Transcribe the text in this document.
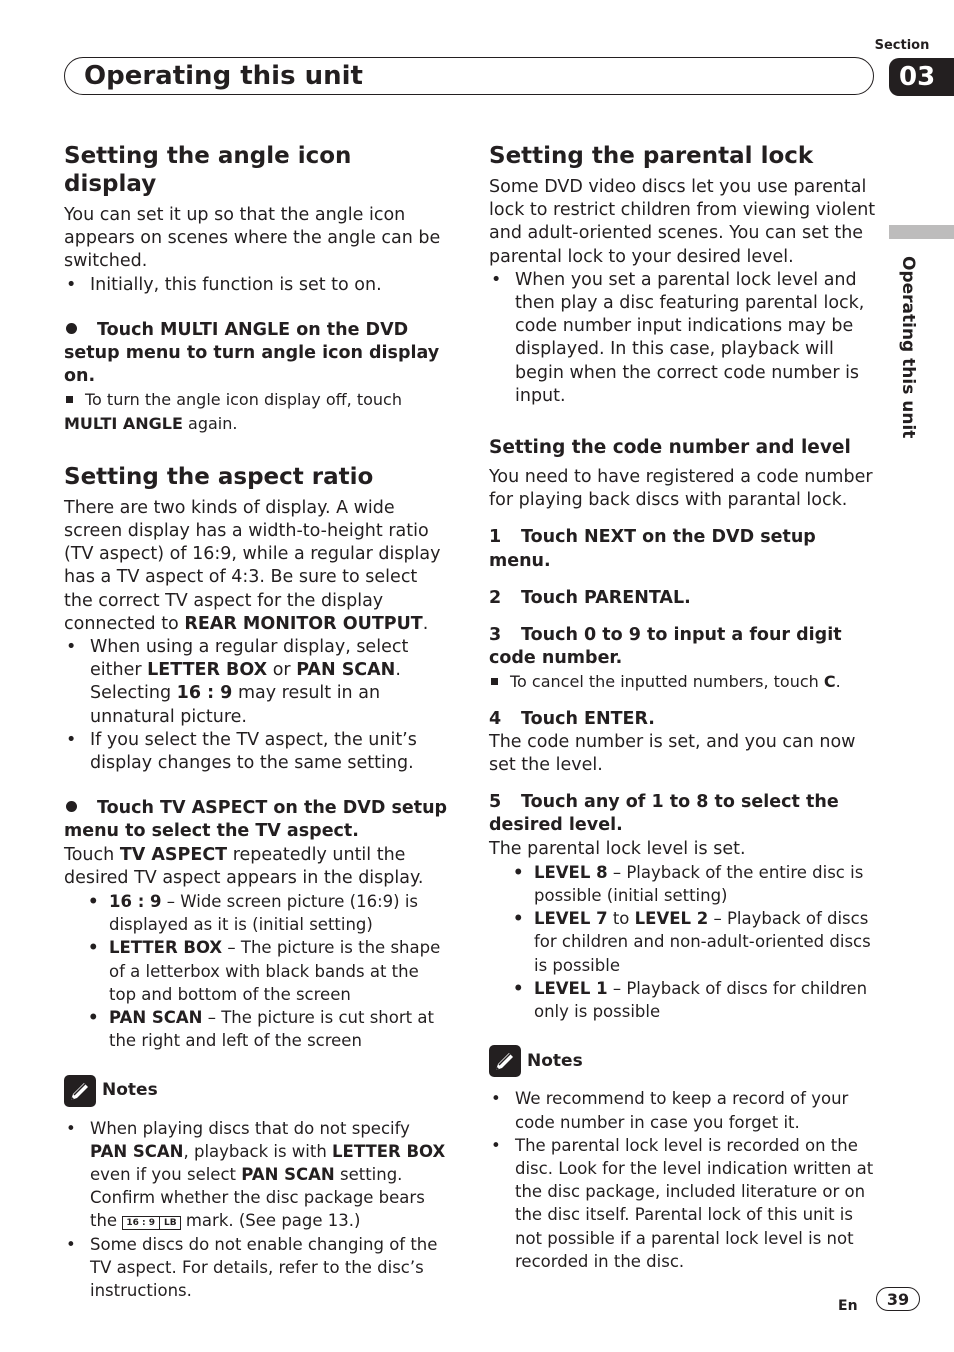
Section
03
Operating this unit
Operating this unit
Setting the angle icon display

You can set it up so that the angle icon appears on scenes where the angle can be switched.

• Initially, this function is set to on.
Touch MULTI ANGLE on the DVD setup menu to turn angle icon display on.
To turn the angle icon display off, touch MULTI ANGLE again.
Setting the aspect ratio

There are two kinds of display. A wide screen display has a width-to-height ratio (TV aspect) of 16:9, while a regular display has a TV aspect of 4:3. Be sure to select the correct TV aspect for the display connected to REAR MONITOR OUTPUT.

• When using a regular display, select either LETTER BOX or PAN SCAN. Selecting 16 : 9 may result in an unnatural picture.
• If you select the TV aspect, the unit’s display changes to the same setting.
Touch TV ASPECT on the DVD setup menu to select the TV aspect.

Touch TV ASPECT repeatedly until the desired TV aspect appears in the display.

• 16 : 9 – Wide screen picture (16:9) is displayed as it is (initial setting)
• LETTER BOX – The picture is the shape of a letterbox with black bands at the top and bottom of the screen
• PAN SCAN – The picture is cut short at the right and left of the screen
Notes
• When playing discs that do not specify PAN SCAN, playback is with LETTER BOX even if you select PAN SCAN setting. Confirm whether the disc package bears the 16 : 9 LB mark. (See page 13.)
• Some discs do not enable changing of the TV aspect. For details, refer to the disc’s instructions.
Setting the parental lock

Some DVD video discs let you use parental lock to restrict children from viewing violent and adult-oriented scenes. You can set the parental lock to your desired level.

• When you set a parental lock level and then play a disc featuring parental lock, code number input indications may be displayed. In this case, playback will begin when the correct code number is input.
Setting the code number and level

You need to have registered a code number for playing back discs with parantal lock.

1 Touch NEXT on the DVD setup menu.
2 Touch PARENTAL.
3 Touch 0 to 9 to input a four digit code number.
To cancel the inputted numbers, touch C.
4 Touch ENTER.

The code number is set, and you can now set the level.

5 Touch any of 1 to 8 to select the desired level.

The parental lock level is set.

• LEVEL 8 – Playback of the entire disc is possible (initial setting)
• LEVEL 7 to LEVEL 2 – Playback of discs for children and non-adult-oriented discs is possible
• LEVEL 1 – Playback of discs for children only is possible
Notes
• We recommend to keep a record of your code number in case you forget it.
• The parental lock level is recorded on the disc. Look for the level indication written at the disc package, included literature or on the disc itself. Parental lock of this unit is not possible if a parental lock level is not recorded in the disc.
En	39
